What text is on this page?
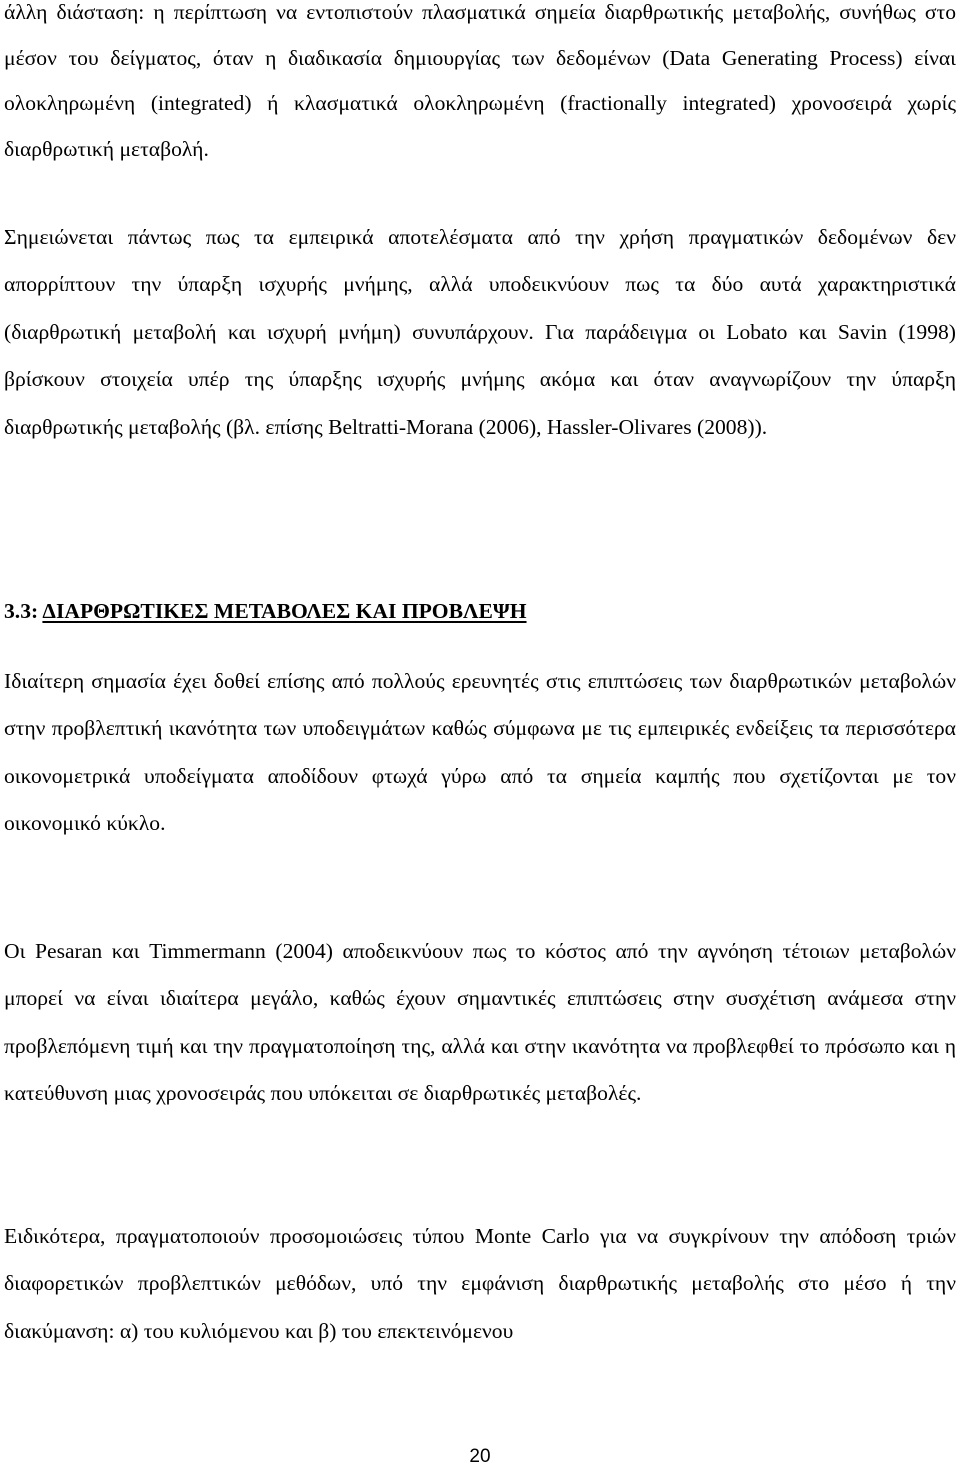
άλλη διάσταση: η περίπτωση να εντοπιστούν πλασματικά σημεία διαρθρωτικής μεταβολής, συνήθως στο μέσον του δείγματος, όταν η διαδικασία δημιουργίας των δεδομένων (Data Generating Process) είναι ολοκληρωμένη (integrated) ή κλασματικά ολοκληρωμένη (fractionally integrated) χρονοσειρά χωρίς διαρθρωτική μεταβολή.

Σημειώνεται πάντως πως τα εμπειρικά αποτελέσματα από την χρήση πραγματικών δεδομένων δεν απορρίπτουν την ύπαρξη ισχυρής μνήμης, αλλά υποδεικνύουν πως τα δύο αυτά χαρακτηριστικά (διαρθρωτική μεταβολή και ισχυρή μνήμη) συνυπάρχουν. Για παράδειγμα οι Lobato και Savin (1998) βρίσκουν στοιχεία υπέρ της ύπαρξης ισχυρής μνήμης ακόμα και όταν αναγνωρίζουν την ύπαρξη διαρθρωτικής μεταβολής (βλ. επίσης Beltratti-Morana (2006), Hassler-Olivares (2008)).

3.3: ΔΙΑΡΘΡΩΤΙΚΕΣ ΜΕΤΑΒΟΛΕΣ ΚΑΙ ΠΡΟΒΛΕΨΗ

Ιδιαίτερη σημασία έχει δοθεί επίσης από πολλούς ερευνητές στις επιπτώσεις των διαρθρωτικών μεταβολών στην προβλεπτική ικανότητα των υποδειγμάτων καθώς σύμφωνα με τις εμπειρικές ενδείξεις τα περισσότερα οικονομετρικά υποδείγματα αποδίδουν φτωχά γύρω από τα σημεία καμπής που σχετίζονται με τον οικονομικό κύκλο.

Οι Pesaran και Timmermann (2004) αποδεικνύουν πως το κόστος από την αγνόηση τέτοιων μεταβολών μπορεί να είναι ιδιαίτερα μεγάλο, καθώς έχουν σημαντικές επιπτώσεις στην συσχέτιση ανάμεσα στην προβλεπόμενη τιμή και την πραγματοποίηση της, αλλά και στην ικανότητα να προβλεφθεί το πρόσωπο και η κατεύθυνση μιας χρονοσειράς που υπόκειται σε διαρθρωτικές μεταβολές.

Ειδικότερα, πραγματοποιούν προσομοιώσεις τύπου Monte Carlo για να συγκρίνουν την απόδοση τριών διαφορετικών προβλεπτικών μεθόδων, υπό την εμφάνιση διαρθρωτικής μεταβολής στο μέσο ή την διακύμανση: α) του κυλιόμενου και β) του επεκτεινόμενου

20
